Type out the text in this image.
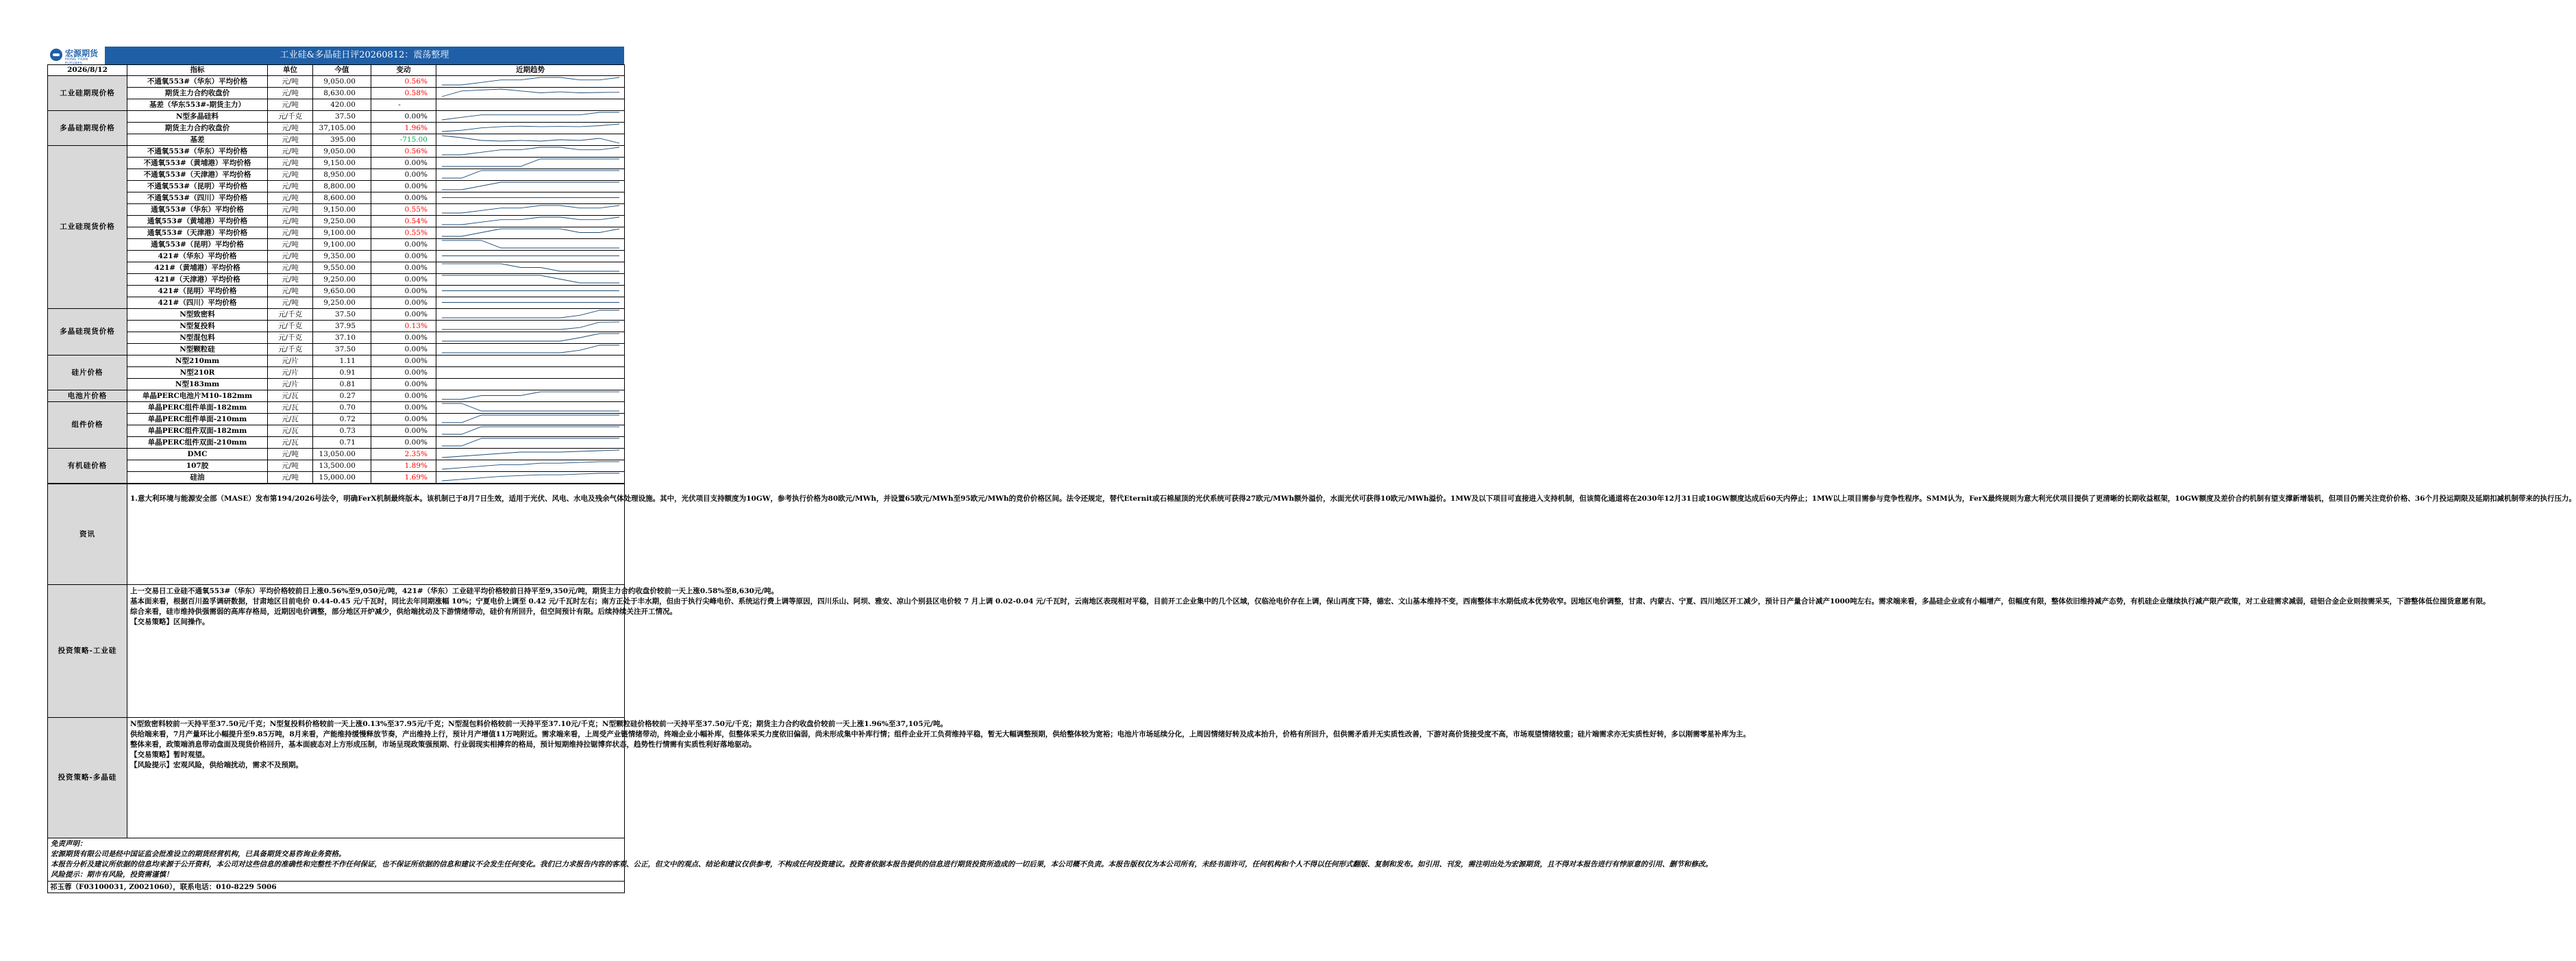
宏源期货
HONG YUAN FUTURES
工业硅&多晶硅日评20260812：震荡整理
2026/8/12	指标	单位	今值	变动	近期趋势
工业硅期现价格	不通氧553#（华东）平均价格	元/吨	9,050.00	0.56%	

	期货主力合约收盘价	元/吨	8,630.00	0.58%	

	基差（华东553#-期货主力）	元/吨	420.00	-	

多晶硅期现价格	N型多晶硅料	元/千克	37.50	0.00%	

	期货主力合约收盘价	元/吨	37,105.00	1.96%	

	基差	元/吨	395.00	-715.00	

工业硅现货价格	不通氧553#（华东）平均价格	元/吨	9,050.00	0.56%	

	不通氧553#（黄埔港）平均价格	元/吨	9,150.00	0.00%	

	不通氧553#（天津港）平均价格	元/吨	8,950.00	0.00%	

	不通氧553#（昆明）平均价格	元/吨	8,800.00	0.00%	

	不通氧553#（四川）平均价格	元/吨	8,600.00	0.00%	

	通氧553#（华东）平均价格	元/吨	9,150.00	0.55%	

	通氧553#（黄埔港）平均价格	元/吨	9,250.00	0.54%	

	通氧553#（天津港）平均价格	元/吨	9,100.00	0.55%	

	通氧553#（昆明）平均价格	元/吨	9,100.00	0.00%	

	421#（华东）平均价格	元/吨	9,350.00	0.00%	

	421#（黄埔港）平均价格	元/吨	9,550.00	0.00%	

	421#（天津港）平均价格	元/吨	9,250.00	0.00%	

	421#（昆明）平均价格	元/吨	9,650.00	0.00%	

	421#（四川）平均价格	元/吨	9,250.00	0.00%	

多晶硅现货价格	N型致密料	元/千克	37.50	0.00%	

	N型复投料	元/千克	37.95	0.13%	

	N型混包料	元/千克	37.10	0.00%	

	N型颗粒硅	元/千克	37.50	0.00%	

硅片价格	N型210mm	元/片	1.11	0.00%	

	N型210R	元/片	0.91	0.00%	

	N型183mm	元/片	0.81	0.00%	

电池片价格	单晶PERC电池片M10-182mm	元/瓦	0.27	0.00%	

组件价格	单晶PERC组件单面-182mm	元/瓦	0.70	0.00%	

	单晶PERC组件单面-210mm	元/瓦	0.72	0.00%	

	单晶PERC组件双面-182mm	元/瓦	0.73	0.00%	

	单晶PERC组件双面-210mm	元/瓦	0.71	0.00%	

有机硅价格	DMC	元/吨	13,050.00	2.35%	

	107胶	元/吨	13,500.00	1.89%	

	硅油	元/吨	15,000.00	1.69%	
资讯	1.意大利环境与能源安全部（MASE）发布第194/2026号法令，明确FerX机制最终版本。该机制已于8月7日生效，适用于光伏、风电、水电及残余气体处理设施。其中，光伏项目支持额度为10GW，参考执行价格为80欧元/MWh，并设置65欧元/MWh至95欧元/MWh的竞价价格区间。法令还规定，替代Eternit或石棉屋顶的光伏系统可获得27欧元/MWh额外溢价，水面光伏可获得10欧元/MWh溢价。1MW及以下项目可直接进入支持机制，但该简化通道将在2030年12月31日或10GW额度达成后60天内停止；1MW以上项目需参与竞争性程序。SMM认为，FerX最终规则为意大利光伏项目提供了更清晰的长期收益框架，10GW额度及差价合约机制有望支撑新增装机，但项目仍需关注竞价价格、36个月投运期限及延期扣减机制带来的执行压力。
投资策略-工业硅	上一交易日工业硅不通氧553#（华东）平均价格较前日上涨0.56%至9,050元/吨，421#（华东）工业硅平均价格较前日持平至9,350元/吨，期货主力合约收盘价较前一天上涨0.58%至8,630元/吨。
基本面来看，根据百川盈孚调研数据，甘肃地区目前电价 0.44-0.45 元/千瓦时，同比去年同期涨幅 10%；宁夏电价上调至 0.42 元/千瓦时左右；南方正处于丰水期，但由于执行尖峰电价、系统运行费上调等原因，四川乐山、阿坝、雅安、凉山个别县区电价较 7 月上调 0.02-0.04 元/千瓦时，云南地区表现相对平稳，目前开工企业集中的几个区域，仅临沧电价存在上调，保山再度下降，德宏、文山基本维持不变，西南整体丰水期低成本优势收窄。因地区电价调整，甘肃、内蒙古、宁夏、四川地区开工减少，预计日产量合计减产1000吨左右。需求端来看，多晶硅企业或有小幅增产，但幅度有限，整体依旧维持减产态势，有机硅企业继续执行减产限产政策，对工业硅需求减弱，硅铝合金企业则按需采买，下游整体低位囤货意愿有限。
综合来看，硅市维持供强需弱的高库存格局，近期因电价调整，部分地区开炉减少，供给端扰动及下游情绪带动，硅价有所回升，但空间预计有限。后续持续关注开工情况。
【交易策略】区间操作。

投资策略-多晶硅	N型致密料较前一天持平至37.50元/千克；N型复投料价格较前一天上涨0.13%至37.95元/千克；N型混包料价格较前一天持平至37.10元/千克；N型颗粒硅价格较前一天持平至37.50元/千克；期货主力合约收盘价较前一天上涨1.96%至37,105元/吨。
供给端来看，7月产量环比小幅提升至9.85万吨，8月来看，产能维持缓慢释放节奏，产出维持上行，预计月产增值11万吨附近。需求端来看，上周受产业链情绪带动，终端企业小幅补库，但整体采买力度依旧偏弱，尚未形成集中补库行情；组件企业开工负荷维持平稳，暂无大幅调整预期，供给整体较为宽裕；电池片市场延续分化，上周因情绪好转及成本抬升，价格有所回升，但供需矛盾并无实质性改善，下游对高价货接受度不高，市场观望情绪较重；硅片端需求亦无实质性好转，多以刚需零星补库为主。
整体来看，政策端消息带动盘面及现货价格回升，基本面疲态对上方形成压制，市场呈现政策强预期、行业弱现实相搏弈的格局，预计短期维持拉锯博弈状态，趋势性行情需有实质性利好落地驱动。
【交易策略】暂时观望。
【风险提示】宏观风险，供给端扰动，需求不及预期。

免责声明：
宏源期货有限公司是经中国证监会批准设立的期货经营机构，已具备期货交易咨询业务资格。
本报告分析及建议所依据的信息均来源于公开资料，本公司对这些信息的准确性和完整性不作任何保证，也不保证所依据的信息和建议不会发生任何变化。我们已力求报告内容的客观、公正，但文中的观点、结论和建议仅供参考，不构成任何投资建议。投资者依据本报告提供的信息进行期货投资所造成的一切后果，本公司概不负责。本报告版权仅为本公司所有，未经书面许可，任何机构和个人不得以任何形式翻版、复制和发布。如引用、刊发，需注明出处为宏源期货，且不得对本报告进行有悖原意的引用、删节和修改。
风险提示：期市有风险，投资需谨慎！	

祁玉蓉（F03100031, Z0021060），联系电话：010-8229 5006	
